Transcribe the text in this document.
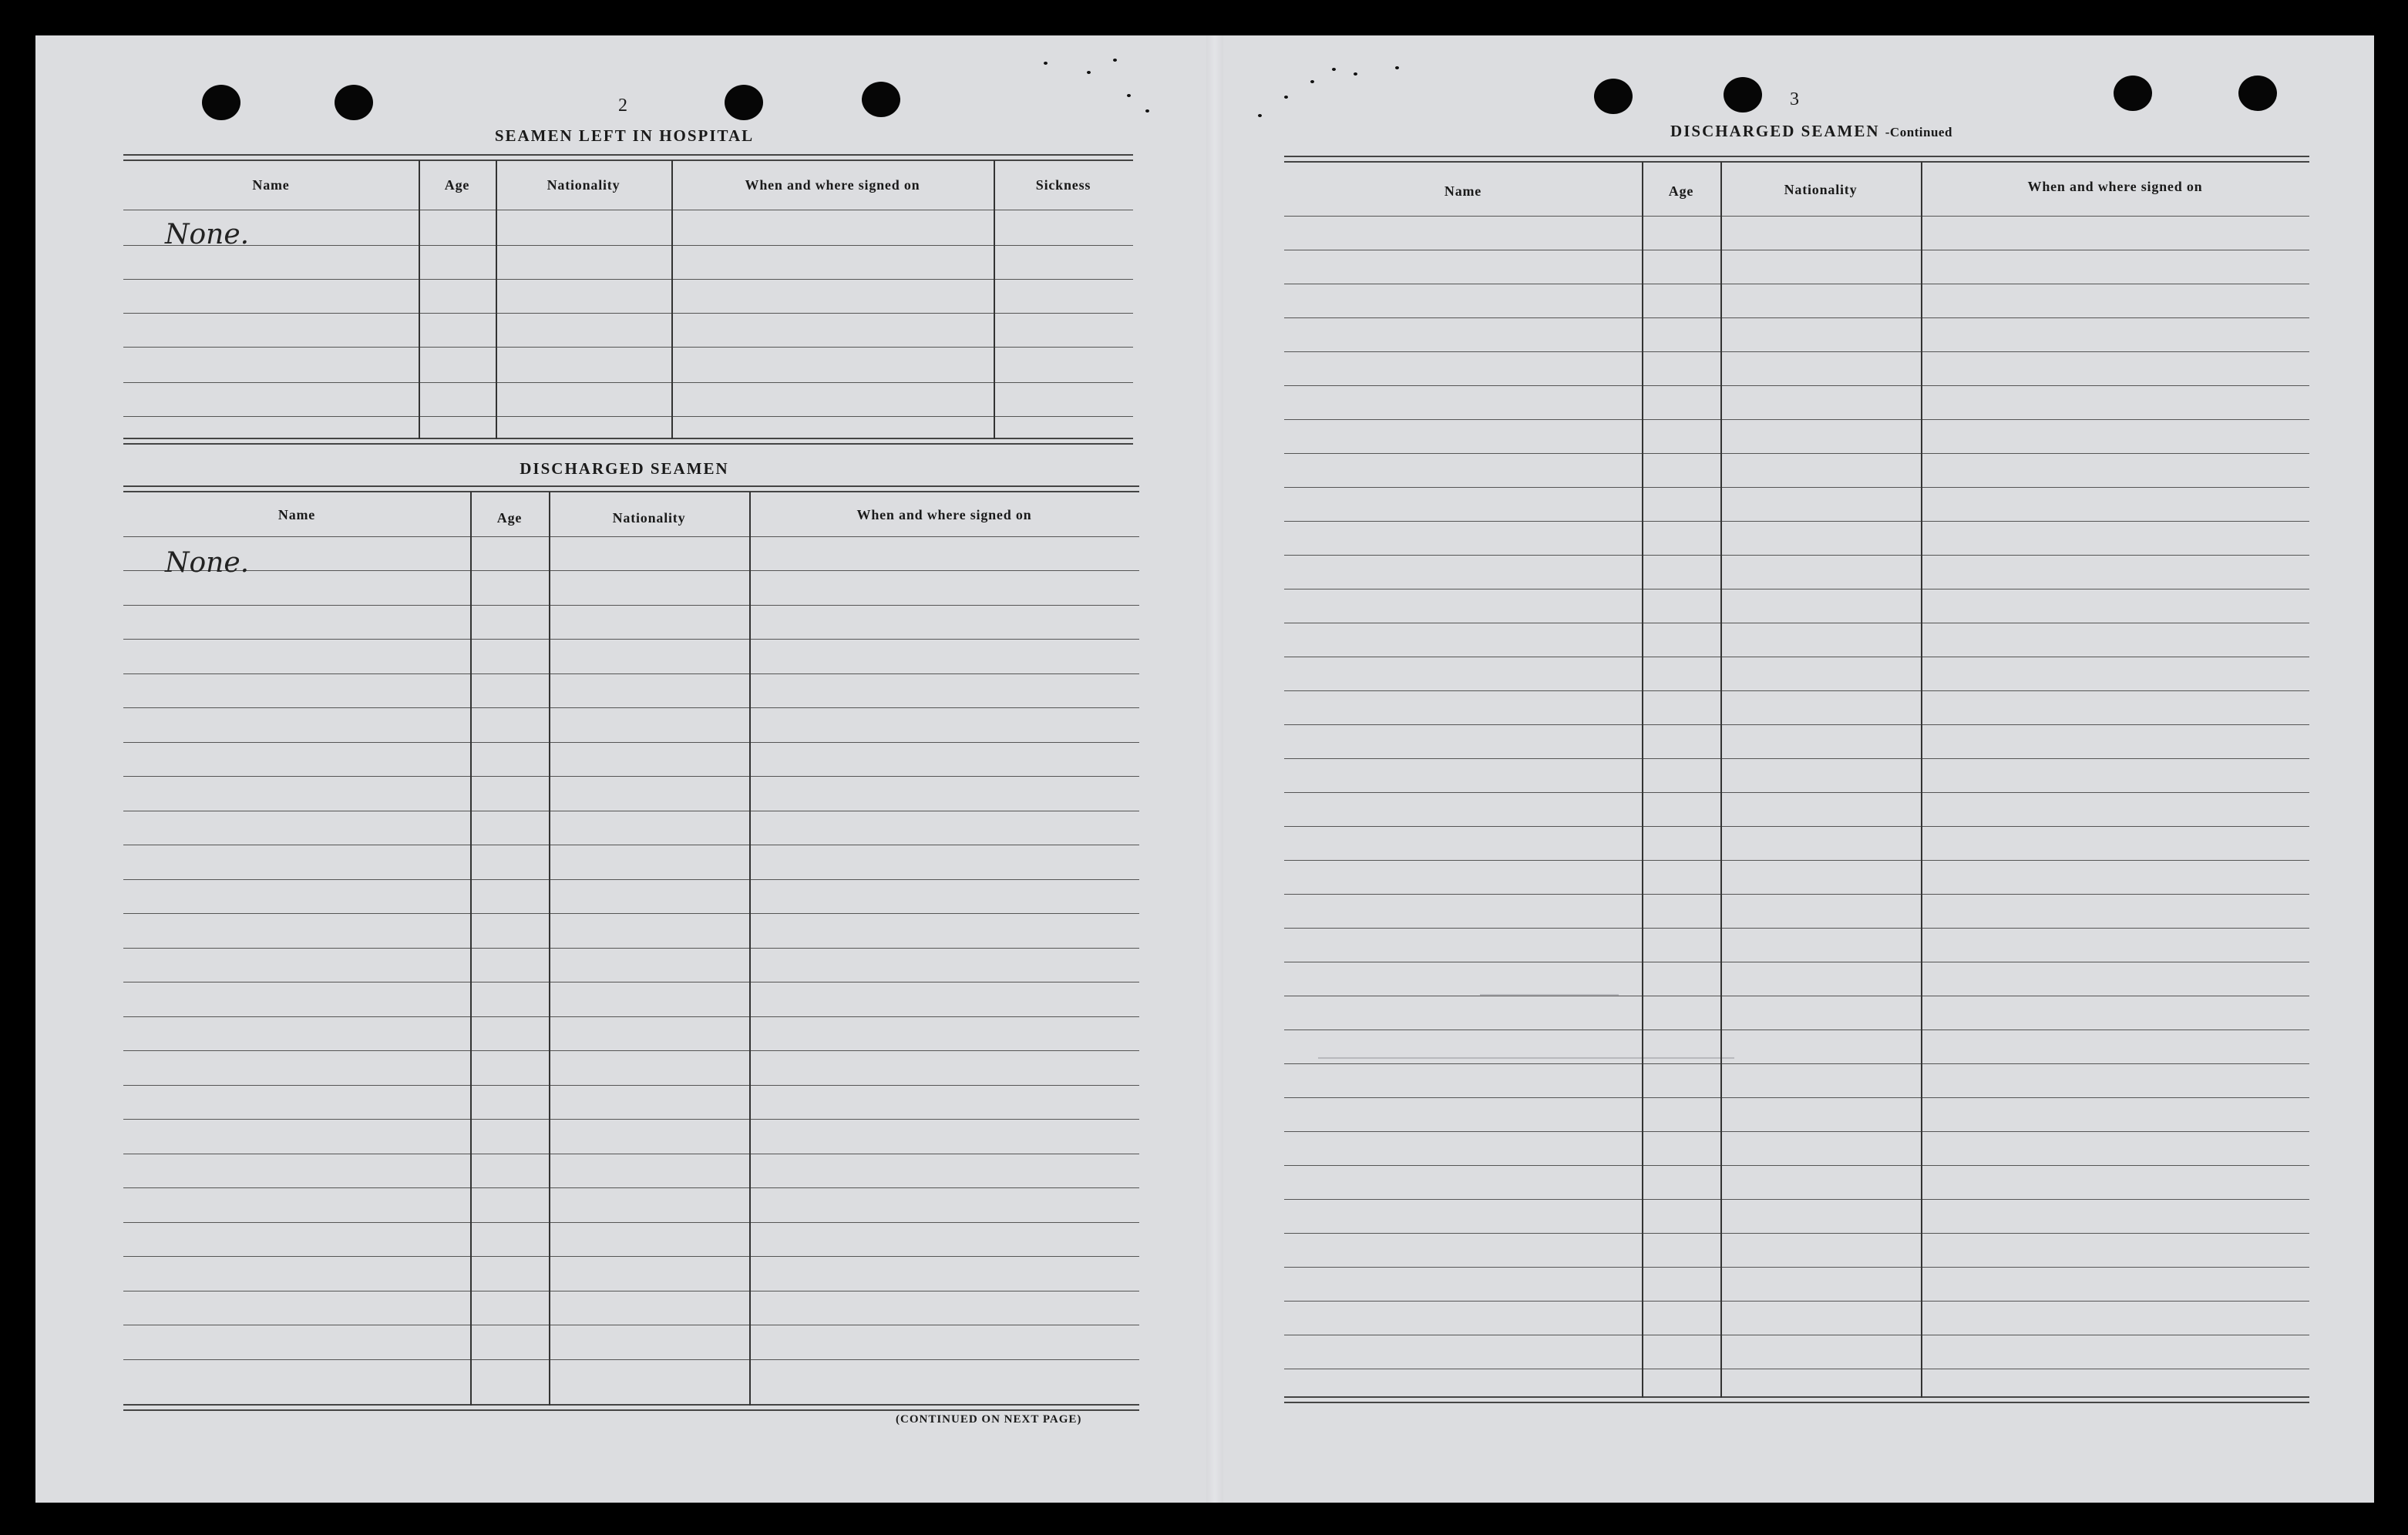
2
SEAMEN LEFT IN HOSPITAL
Name	Age	Nationality	When and where signed on	Sickness
None.
DISCHARGED SEAMEN
Name	Age	Nationality	When and where signed on
None.
(CONTINUED ON NEXT PAGE)
3
DISCHARGED SEAMEN -Continued
Name	Age	Nationality	When and where signed on
